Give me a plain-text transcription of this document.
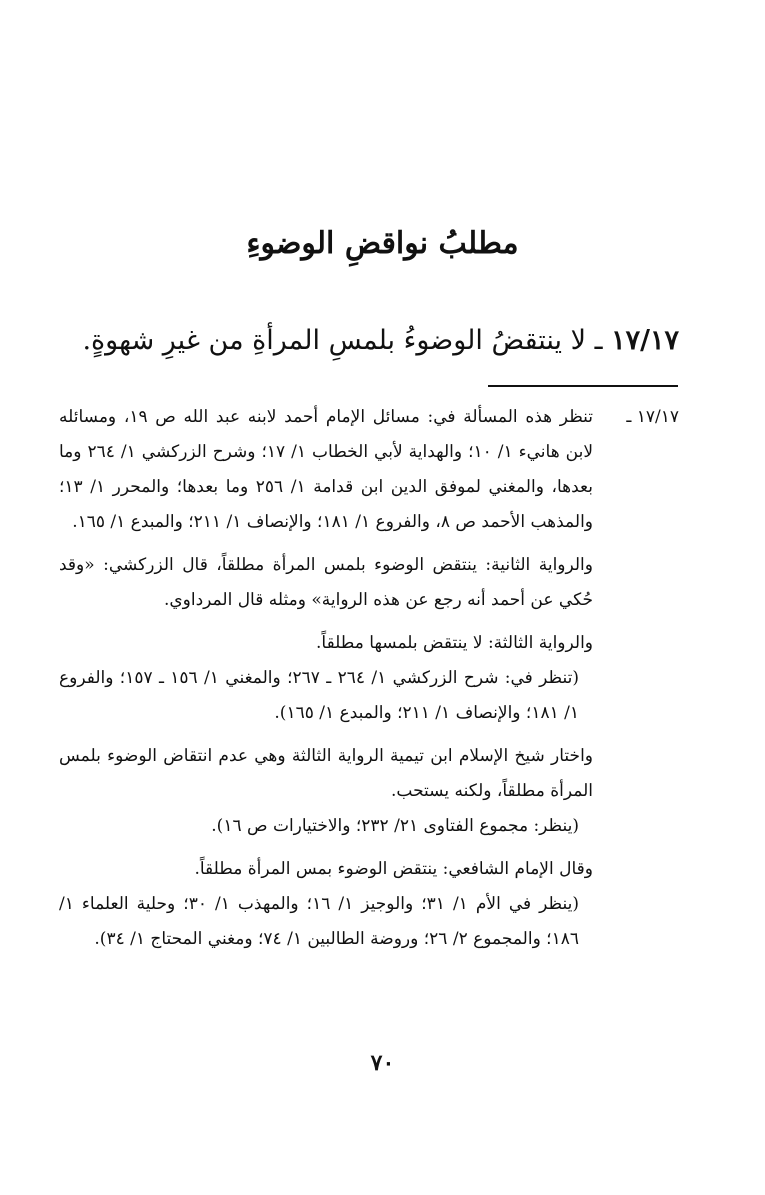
مطلبُ نواقضِ الوضوءِ
١٧/١٧ ـ لا ينتقضُ الوضوءُ بلمسِ المرأةِ من غيرِ شهوةٍ.
١٧/١٧ ـ
تنظر هذه المسألة في: مسائل الإمام أحمد لابنه عبد الله ص ١٩، ومسائله لابن هانيء ١/ ١٠؛ والهداية لأبي الخطاب ١/ ١٧؛ وشرح الزركشي ١/ ٢٦٤ وما بعدها، والمغني لموفق الدين ابن قدامة ١/ ٢٥٦ وما بعدها؛ والمحرر ١/ ١٣؛ والمذهب الأحمد ص ٨، والفروع ١/ ١٨١؛ والإنصاف ١/ ٢١١؛ والمبدع ١/ ١٦٥.
والرواية الثانية: ينتقض الوضوء بلمس المرأة مطلقاً، قال الزركشي: «وقد حُكي عن أحمد أنه رجع عن هذه الرواية» ومثله قال المرداوي.
والرواية الثالثة: لا ينتقض بلمسها مطلقاً.
(تنظر في: شرح الزركشي ١/ ٢٦٤ ـ ٢٦٧؛ والمغني ١/ ١٥٦ ـ ١٥٧؛ والفروع ١/ ١٨١؛ والإنصاف ١/ ٢١١؛ والمبدع ١/ ١٦٥).
واختار شيخ الإسلام ابن تيمية الرواية الثالثة وهي عدم انتقاض الوضوء بلمس المرأة مطلقاً، ولكنه يستحب.
(ينظر: مجموع الفتاوى ٢١/ ٢٣٢؛ والاختيارات ص ١٦).
وقال الإمام الشافعي: ينتقض الوضوء بمس المرأة مطلقاً.
(ينظر في الأم ١/ ٣١؛ والوجيز ١/ ١٦؛ والمهذب ١/ ٣٠؛ وحلية العلماء ١/ ١٨٦؛ والمجموع ٢/ ٢٦؛ وروضة الطالبين ١/ ٧٤؛ ومغني المحتاج ١/ ٣٤).
٧٠
